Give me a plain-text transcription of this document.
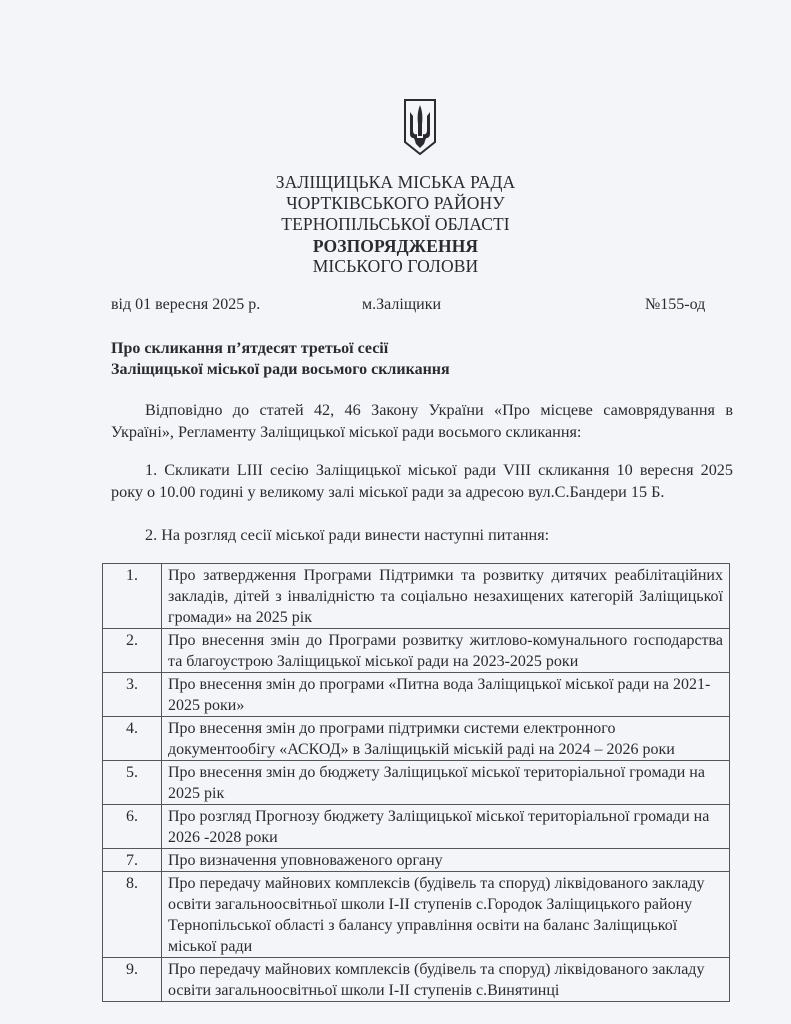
ЗАЛІЩИЦЬКА МІСЬКА РАДА
ЧОРТКІВСЬКОГО РАЙОНУ
ТЕРНОПІЛЬСЬКОЇ ОБЛАСТІ
РОЗПОРЯДЖЕННЯ
МІСЬКОГО ГОЛОВИ
від 01 вересня 2025 р.	м.Заліщики	№155-од
Про скликання п’ятдесят третьої сесії
Заліщицької міської ради восьмого скликання
Відповідно до статей 42, 46 Закону України «Про місцеве самоврядування в Україні», Регламенту Заліщицької міської ради восьмого скликання:
1. Скликати LIII сесію Заліщицької міської ради VIII скликання 10 вересня 2025 року о 10.00 годині у великому залі міської ради за адресою вул.С.Бандери 15 Б.
2. На розгляд сесії міської ради винести наступні питання:
1.	Про затвердження Програми Підтримки та розвитку дитячих реабілітаційних закладів, дітей з інвалідністю та соціально незахищених категорій Заліщицької громади» на 2025 рік
2.	Про внесення змін до Програми розвитку житлово-комунального господарства та благоустрою Заліщицької міської ради на 2023-2025 роки
3.	Про внесення змін до програми «Питна вода Заліщицької міської ради на 2021-2025 роки»
4.	Про внесення змін до програми підтримки системи електронного документообігу «АСКОД» в Заліщицькій міській раді на 2024 – 2026 роки
5.	Про внесення змін до бюджету Заліщицької міської територіальної громади на 2025 рік
6.	Про розгляд Прогнозу бюджету Заліщицької міської територіальної громади на 2026 -2028 роки
7.	Про визначення уповноваженого органу
8.	Про передачу майнових комплексів (будівель та споруд) ліквідованого закладу освіти загальноосвітньої школи І-ІІ ступенів с.Городок Заліщицького району Тернопільської області з балансу управління освіти на баланс Заліщицької міської ради
9.	Про передачу майнових комплексів (будівель та споруд) ліквідованого закладу освіти загальноосвітньої школи І-ІІ ступенів с.Винятинці
